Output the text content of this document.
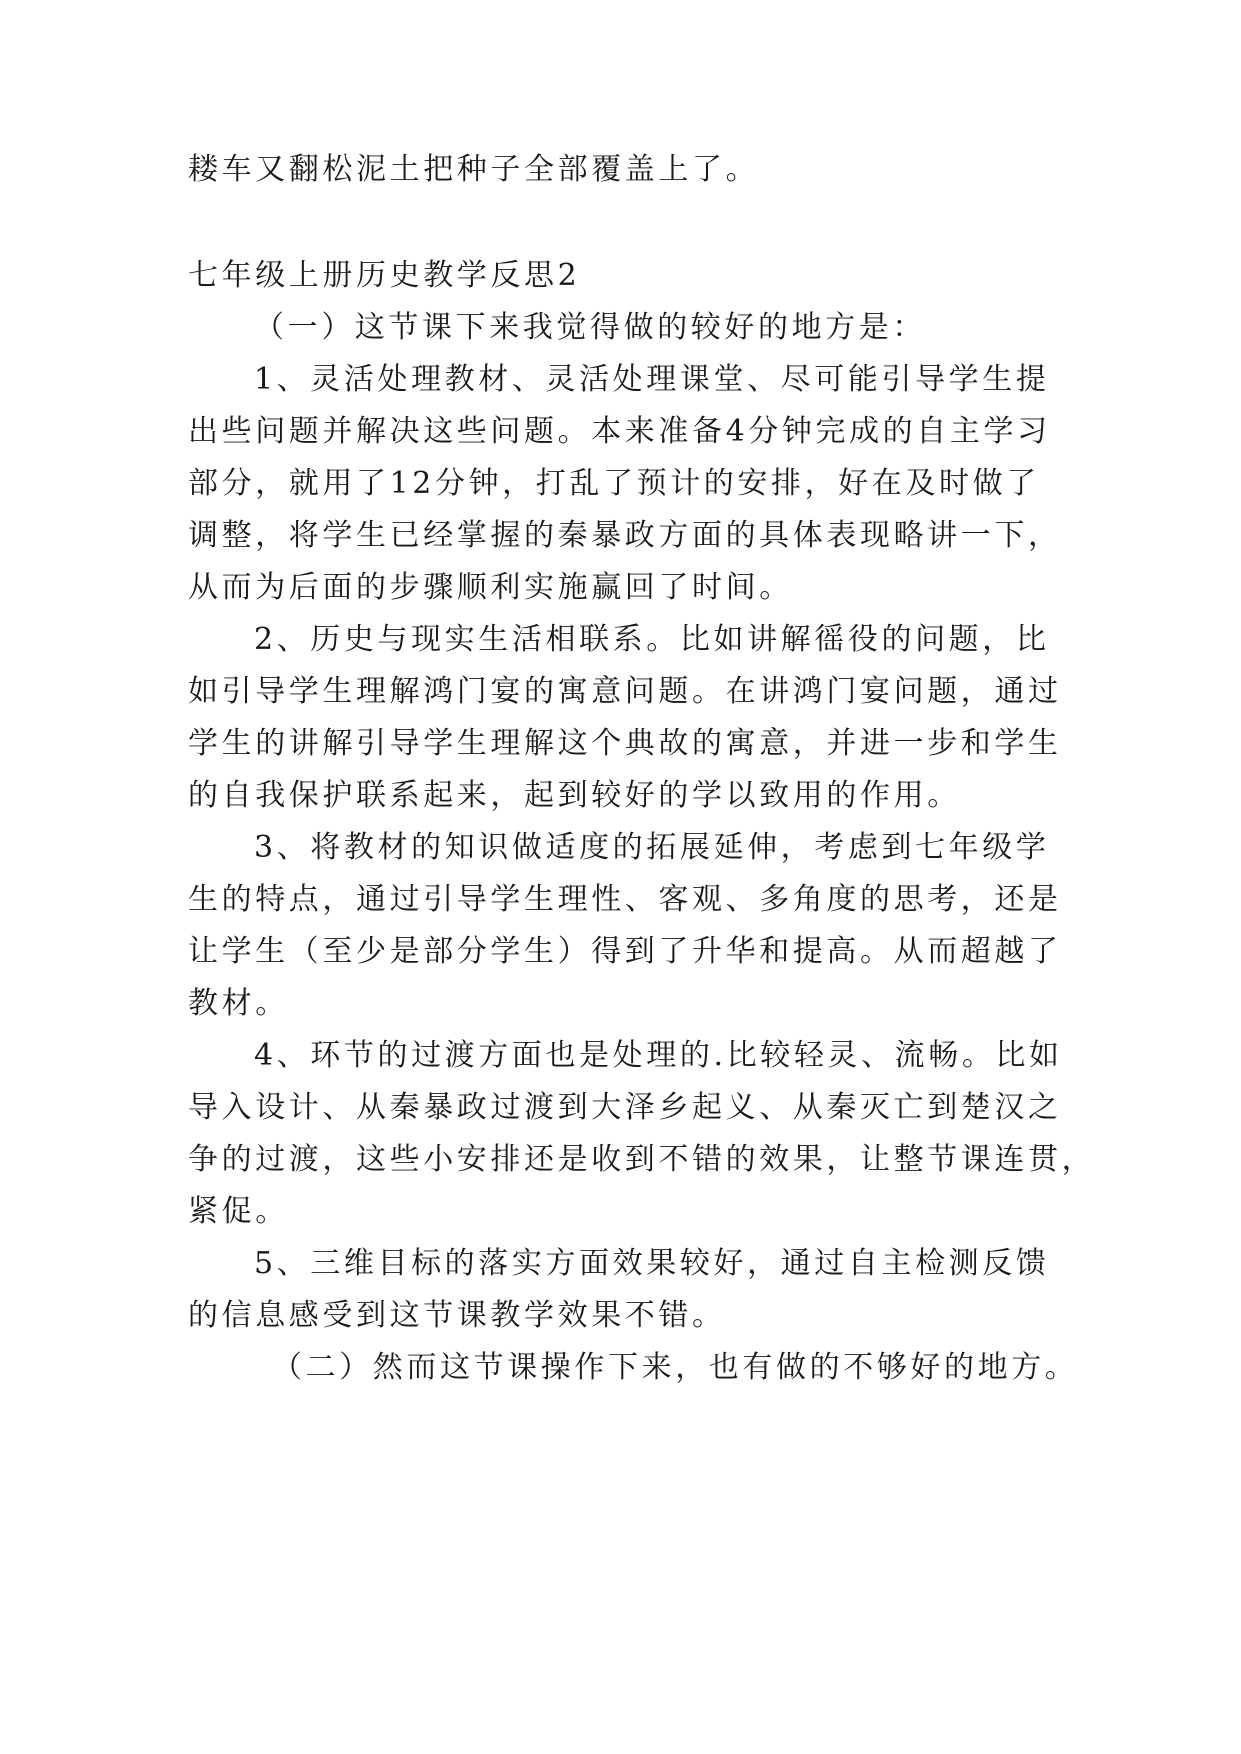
耧车又翻松泥土把种子全部覆盖上了。
七年级上册历史教学反思2
（一）这节课下来我觉得做的较好的地方是：
1、灵活处理教材、灵活处理课堂、尽可能引导学生提
出些问题并解决这些问题。本来准备4分钟完成的自主学习
部分，就用了12分钟，打乱了预计的安排，好在及时做了
调整，将学生已经掌握的秦暴政方面的具体表现略讲一下，
从而为后面的步骤顺利实施赢回了时间。
2、历史与现实生活相联系。比如讲解徭役的问题，比
如引导学生理解鸿门宴的寓意问题。在讲鸿门宴问题，通过
学生的讲解引导学生理解这个典故的寓意，并进一步和学生
的自我保护联系起来，起到较好的学以致用的作用。
3、将教材的知识做适度的拓展延伸，考虑到七年级学
生的特点，通过引导学生理性、客观、多角度的思考，还是
让学生（至少是部分学生）得到了升华和提高。从而超越了
教材。
4、环节的过渡方面也是处理的.比较轻灵、流畅。比如
导入设计、从秦暴政过渡到大泽乡起义、从秦灭亡到楚汉之
争的过渡，这些小安排还是收到不错的效果，让整节课连贯，
紧促。
5、三维目标的落实方面效果较好，通过自主检测反馈
的信息感受到这节课教学效果不错。
（二）然而这节课操作下来，也有做的不够好的地方。
